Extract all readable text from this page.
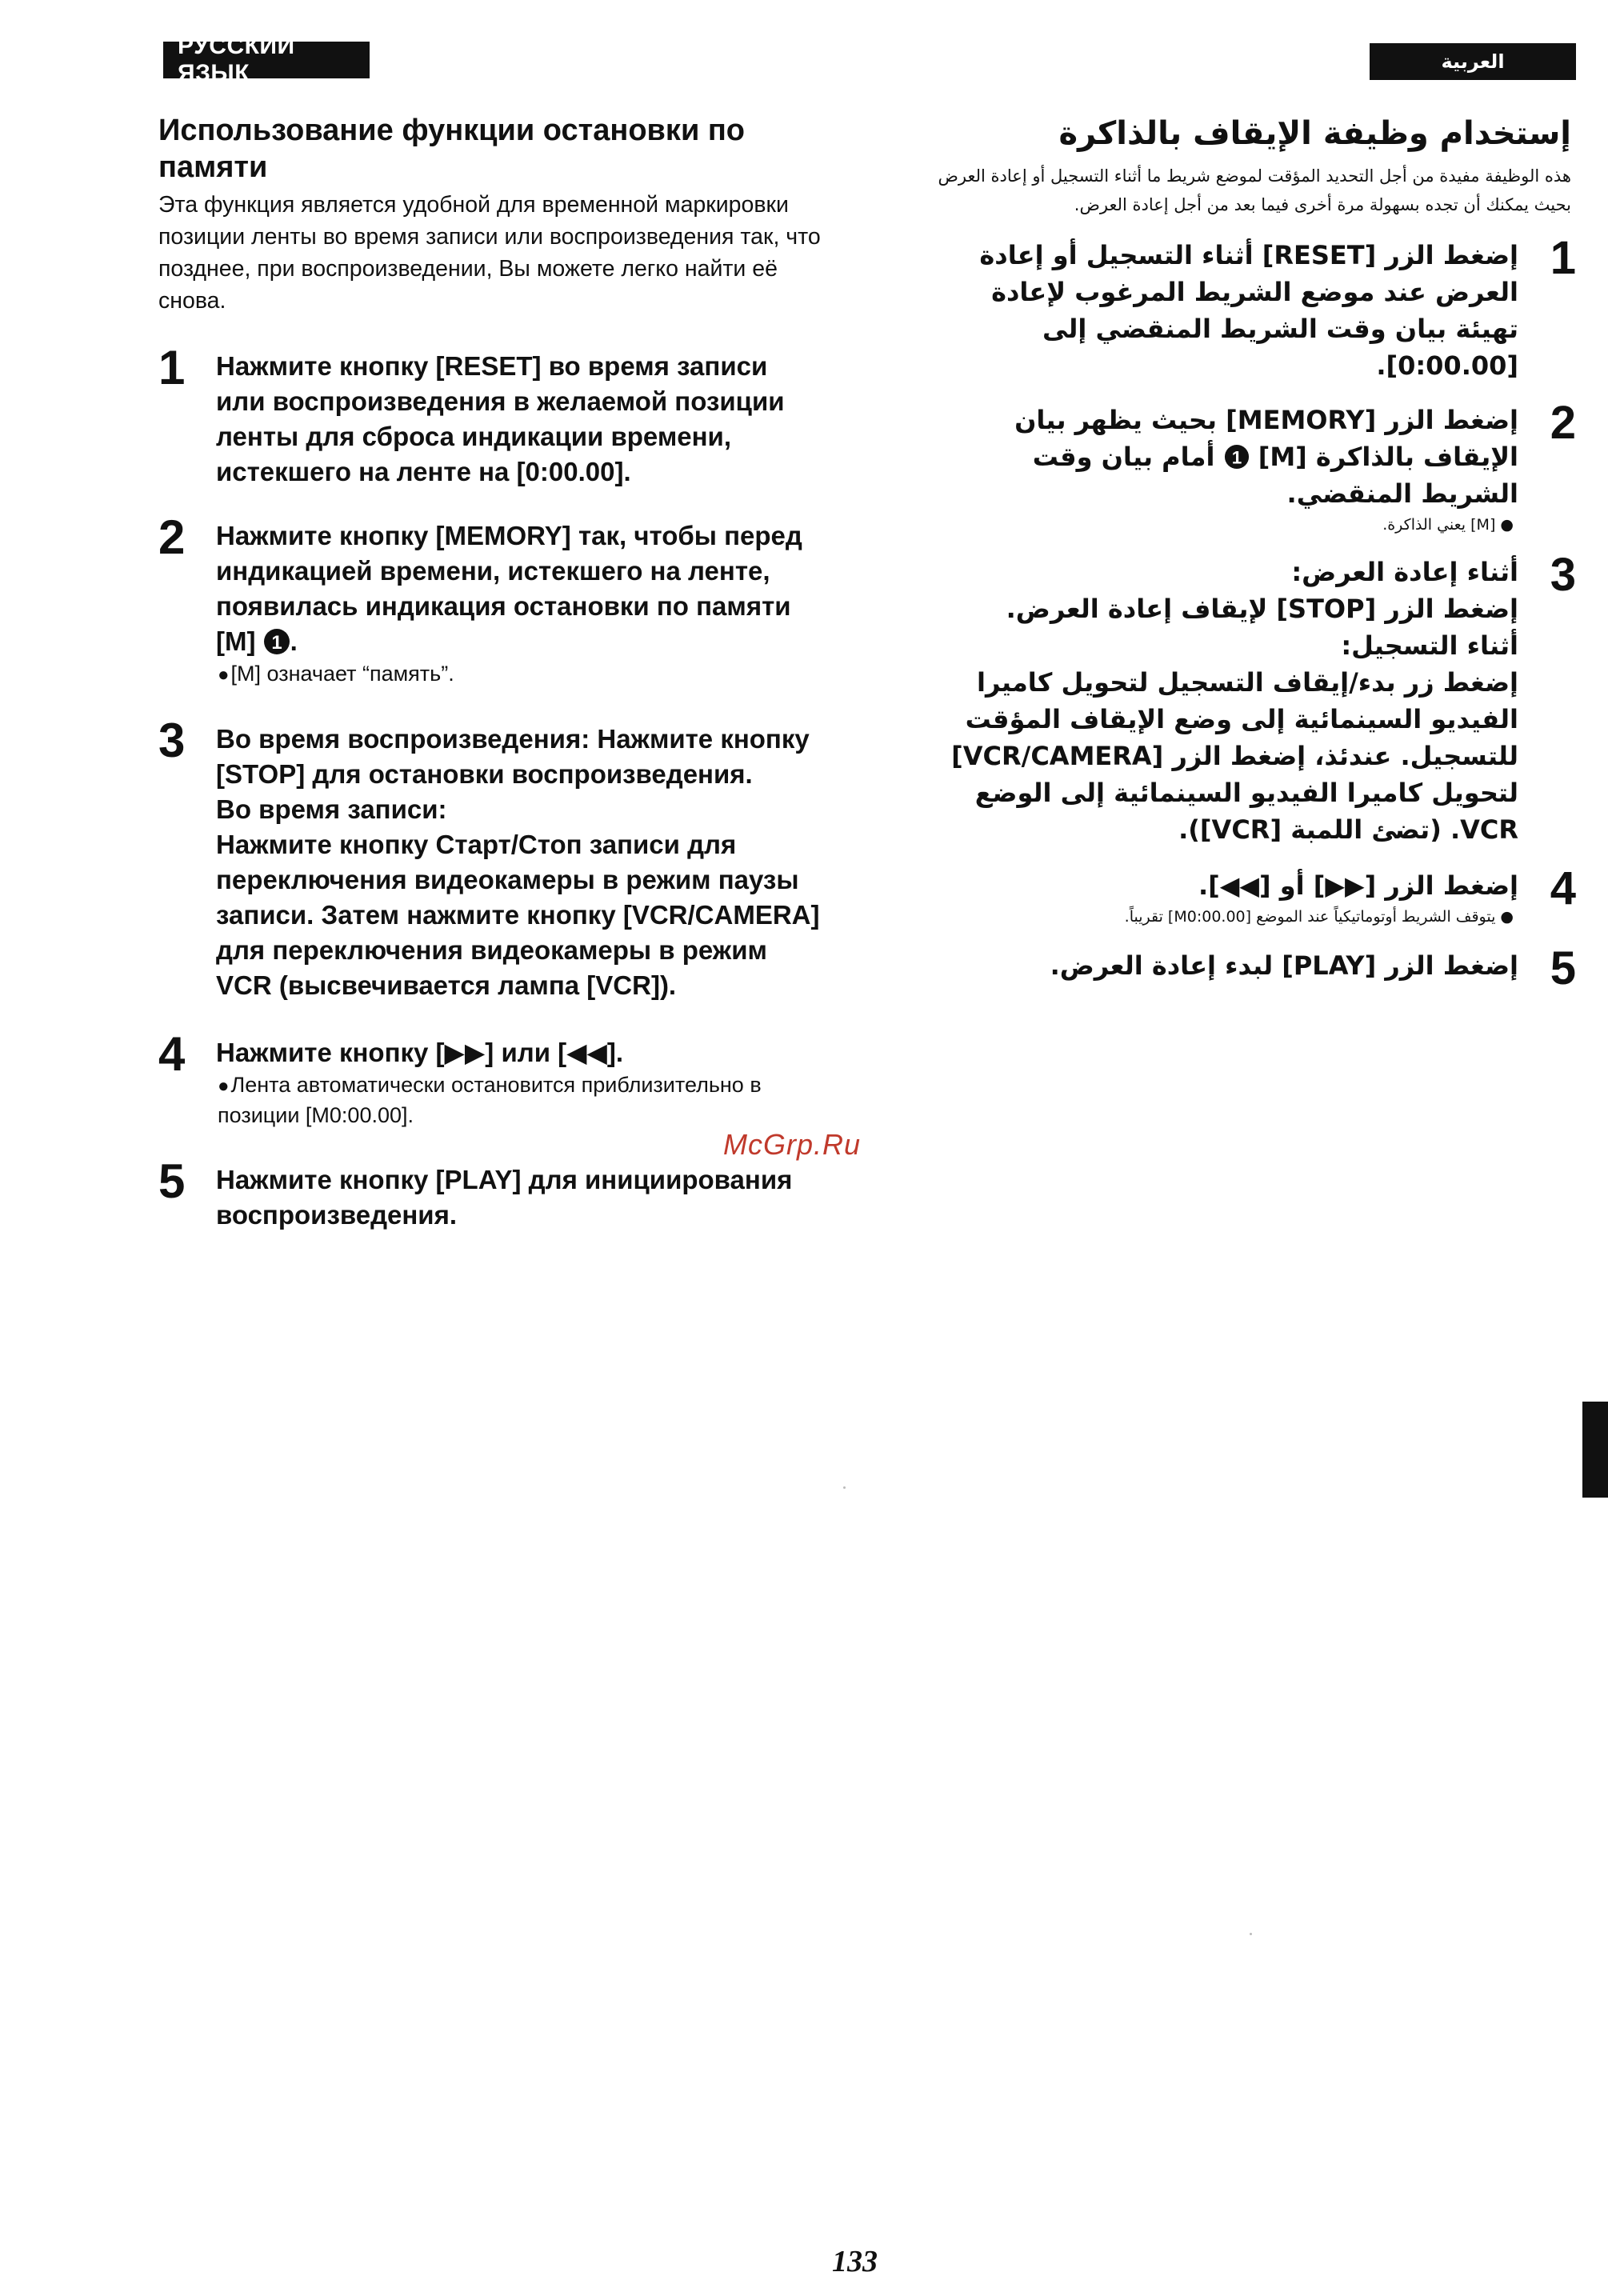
РУССКИЙ ЯЗЫК	العربية
Использование функции остановки по памяти

Эта функция является удобной для временной маркировки позиции ленты во время записи или воспроизведения так, что позднее, при воспроизведении, Вы можете легко найти её снова.

1 Нажмите кнопку [RESET] во время записи или воспроизведения в желаемой позиции ленты для сброса индикации времени, истекшего на ленте на [0:00.00].
2 Нажмите кнопку [MEMORY] так, чтобы перед индикацией времени, истекшего на ленте, появилась индикация остановки по памяти [M] 1 .
●[M] означает “память”.
3 Во время воспроизведения: Нажмите кнопку [STOP] для остановки воспроизведения.
Во время записи:
Нажмите кнопку Старт/Стоп записи для переключения видеокамеры в режим паузы записи. Затем нажмите кнопку [VCR/CAMERA] для переключения видеокамеры в режим VCR (высвечивается лампа [VCR]).
4 Нажмите кнопку [▶▶] или [◀◀].
●Лента автоматически остановится приблизительно в позиции [M0:00.00].
5 Нажмите кнопку [PLAY] для инициирования воспроизведения.
إستخدام وظيفة الإيقاف بالذاكرة

هذه الوظيفة مفيدة من أجل التحديد المؤقت لموضع شريط ما أثناء التسجيل أو إعادة العرض بحيث يمكنك أن تجده بسهولة مرة أخرى فيما بعد من أجل إعادة العرض.

1
إضغط الزر [RESET] أثناء التسجيل أو إعادة العرض عند موضع الشريط المرغوب لإعادة تهيئة بيان وقت الشريط المنقضي إلى [0:00.00].
2
إضغط الزر [MEMORY] بحيث يظهر بيان الإيقاف بالذاكرة [M]
1
أمام بيان وقت الشريط المنقضي.
● [M] يعني الذاكرة.
3
أثناء إعادة العرض:
إضغط الزر [STOP] لإيقاف إعادة العرض.
أثناء التسجيل:
إضغط زر بدء/إيقاف التسجيل لتحويل كاميرا الفيديو السينمائية إلى وضع الإيقاف المؤقت للتسجيل. عندئذ، إضغط الزر [VCR/CAMERA] لتحويل كاميرا الفيديو السينمائية إلى الوضع VCR. (تضئ اللمبة [VCR]).
4
إضغط الزر [▶▶] أو [◀◀].
● يتوقف الشريط أوتوماتيكياً عند الموضع [M0:00.00] تقريباً.
5
إضغط الزر [PLAY] لبدء إعادة العرض.
McGrp.Ru
133
